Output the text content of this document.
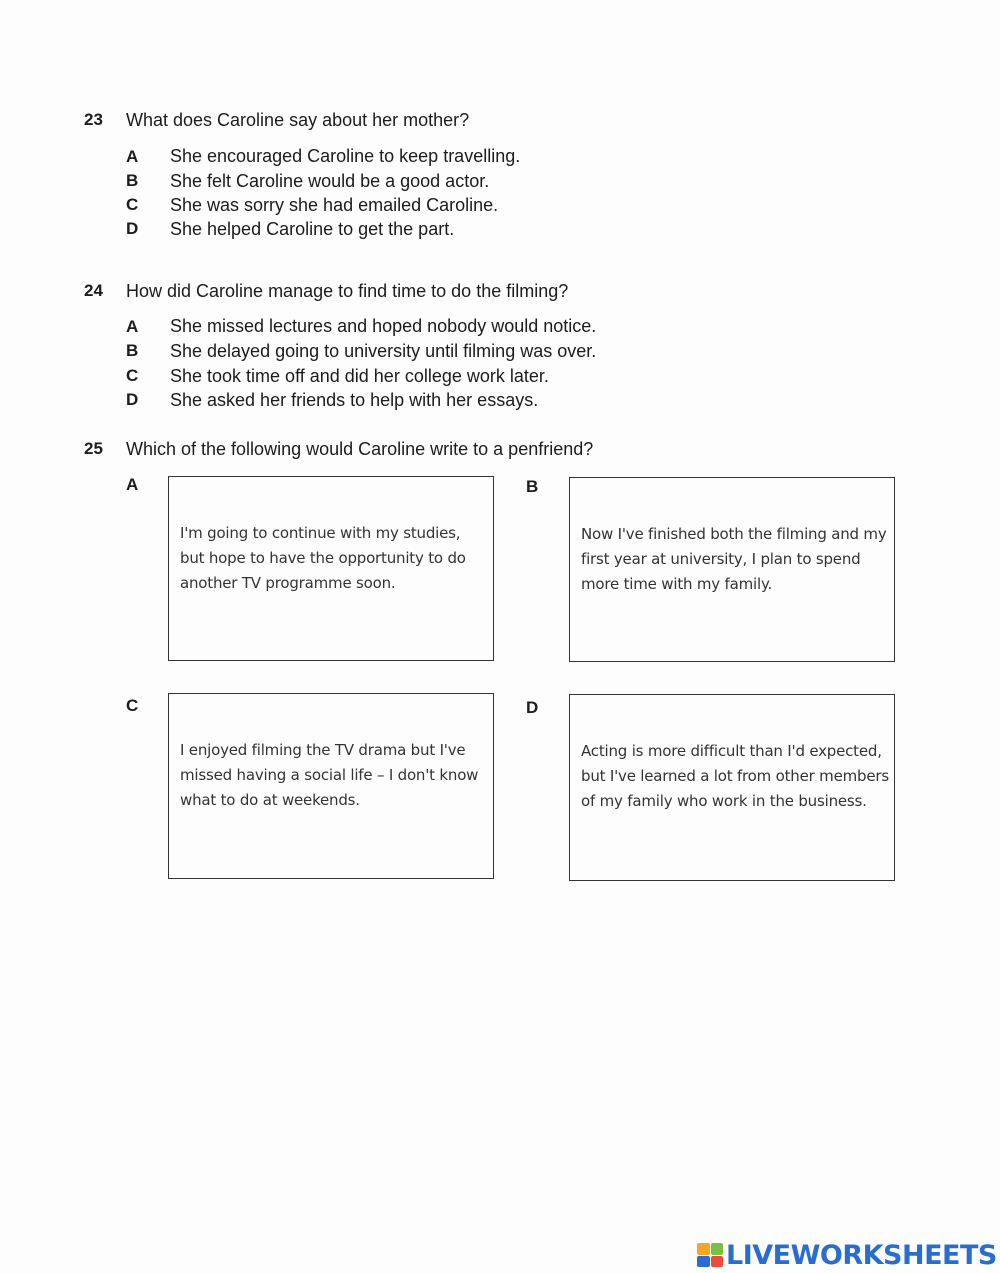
23 What does Caroline say about her mother?
A She encouraged Caroline to keep travelling.
B She felt Caroline would be a good actor.
C She was sorry she had emailed Caroline.
D She helped Caroline to get the part.
24 How did Caroline manage to find time to do the filming?
A She missed lectures and hoped nobody would notice.
B She delayed going to university until filming was over.
C She took time off and did her college work later.
D She asked her friends to help with her essays.
25 Which of the following would Caroline write to a penfriend?
A
I'm going to continue with my studies, but hope to have the opportunity to do another TV programme soon.
B
Now I've finished both the filming and my first year at university, I plan to spend more time with my family.
C
I enjoyed filming the TV drama but I've missed having a social life – I don't know what to do at weekends.
D
Acting is more difficult than I'd expected, but I've learned a lot from other members of my family who work in the business.
LIVEWORKSHEETS
